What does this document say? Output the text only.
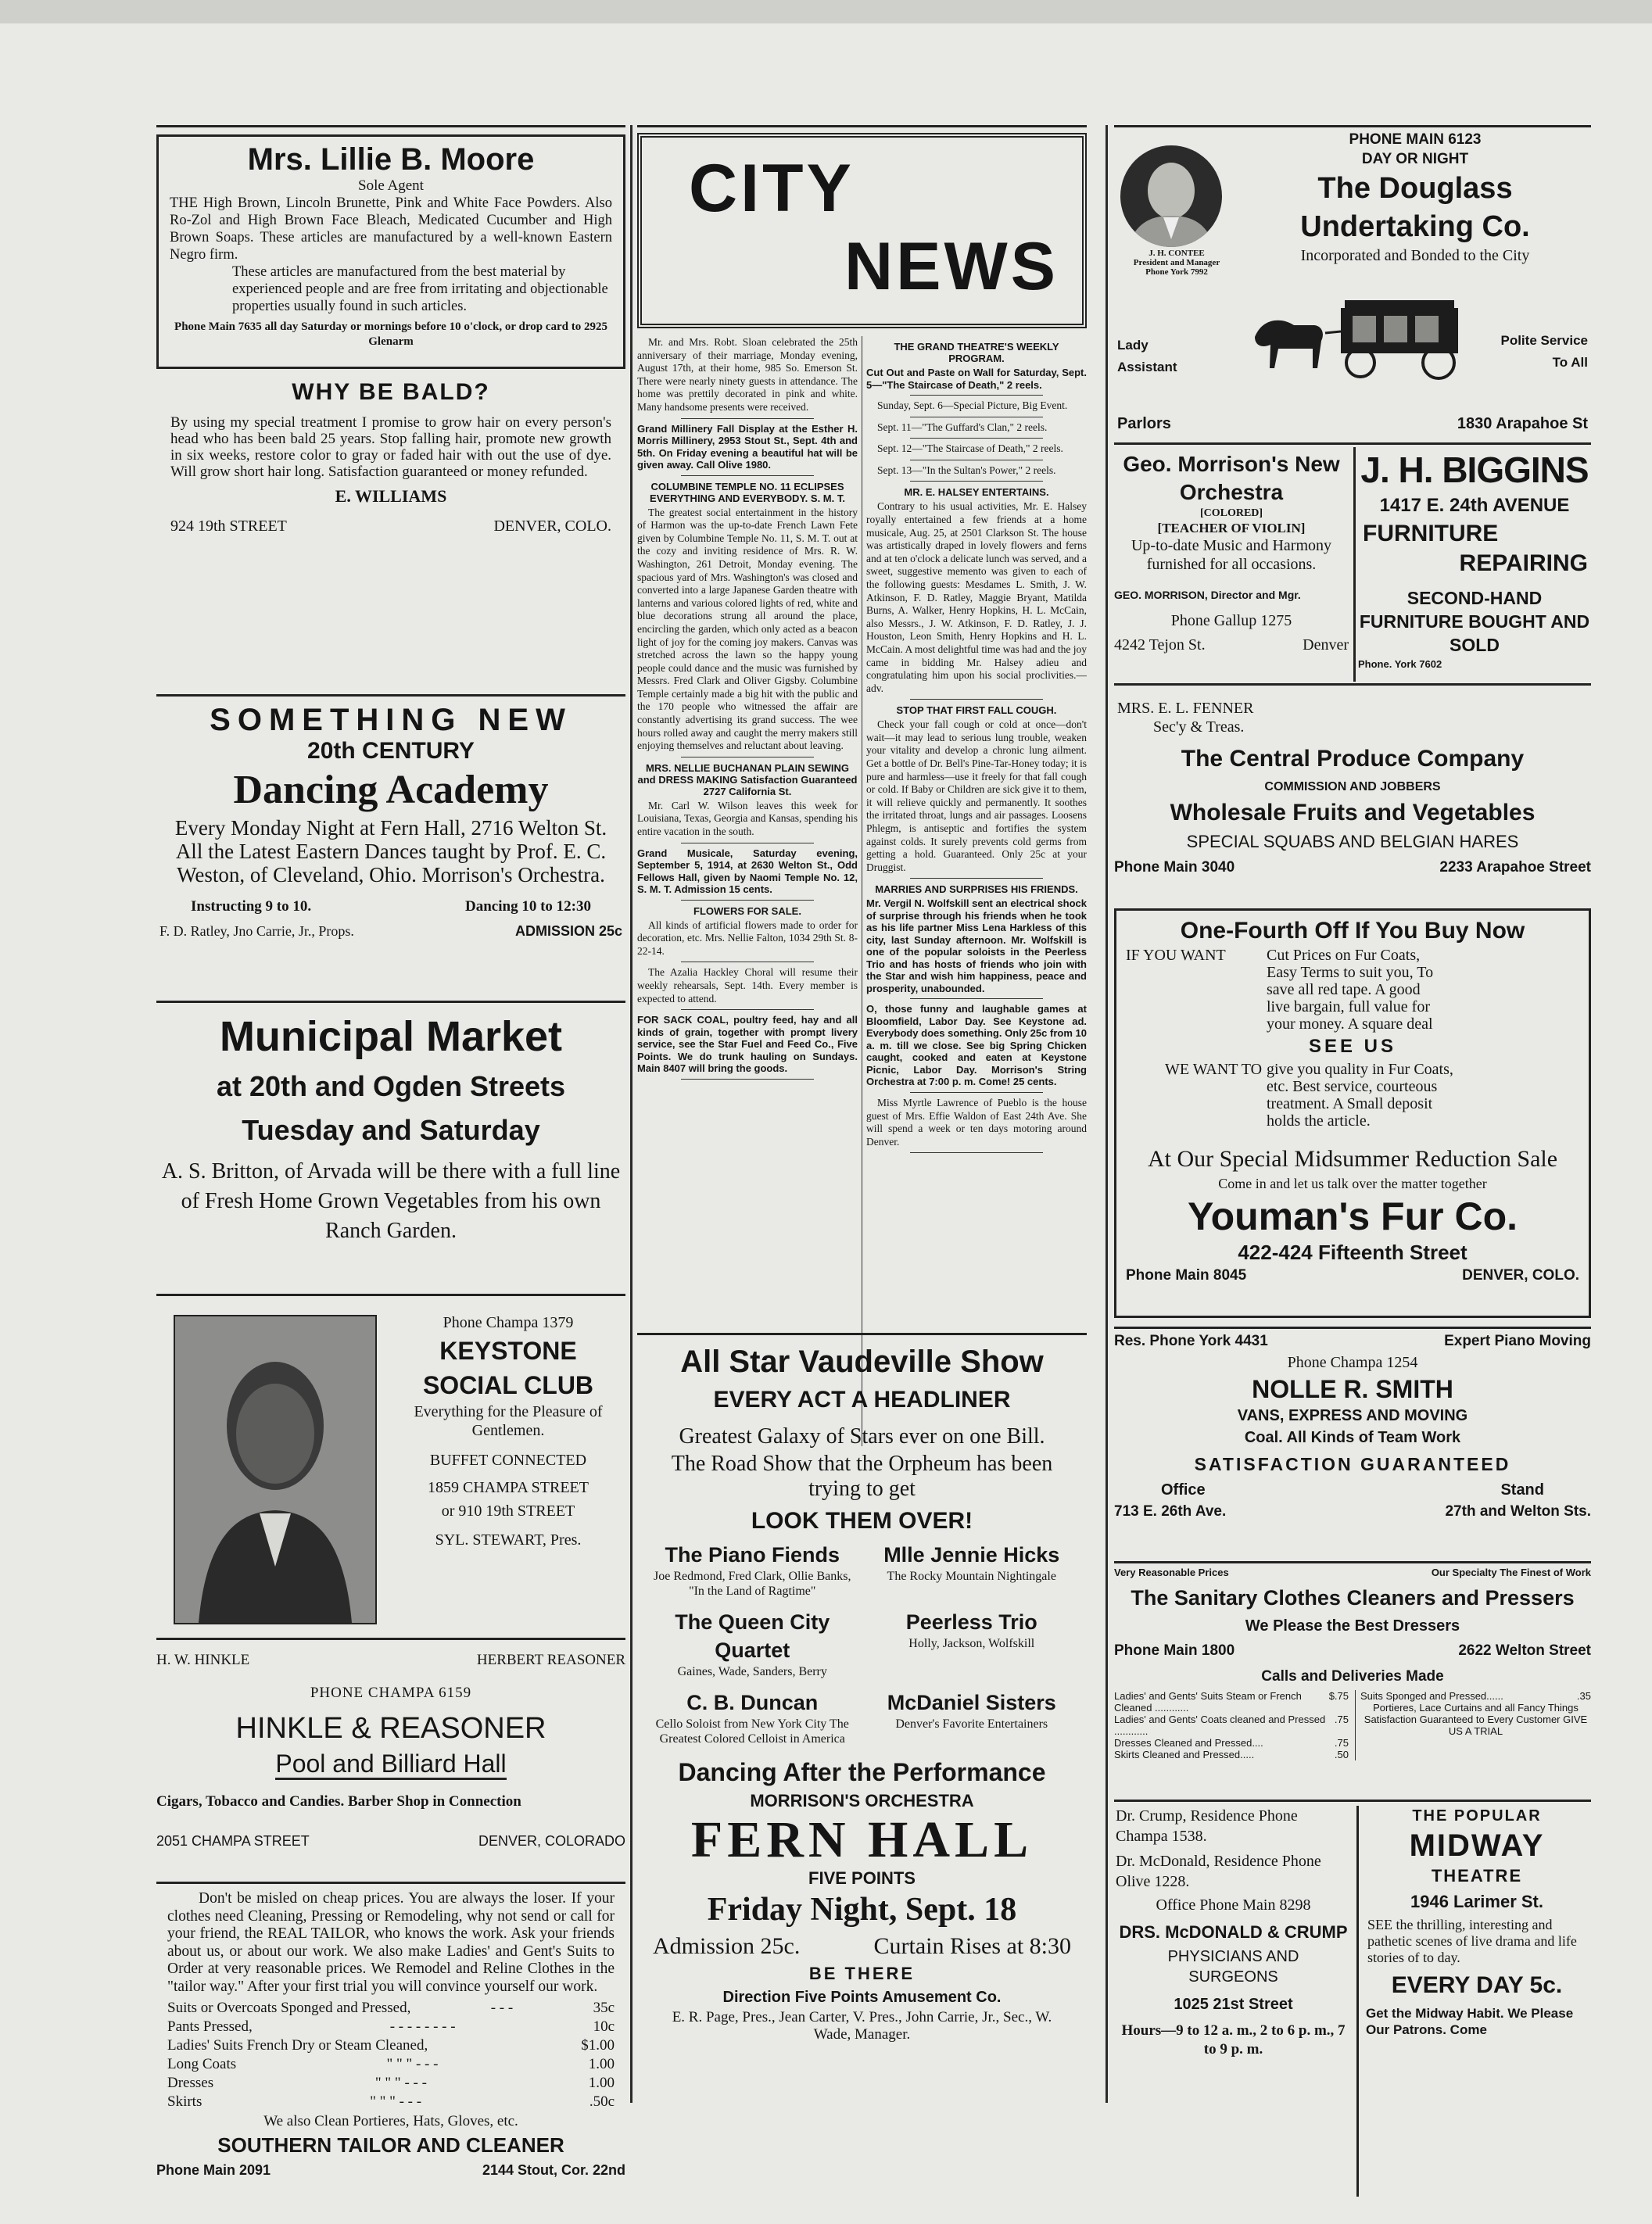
Mrs. Lillie B. Moore
Sole Agent

THE High Brown, Lincoln Brunette, Pink and White Face Powders. Also Ro-Zol and High Brown Face Bleach, Medicated Cucumber and High Brown Soaps. These articles are manufactured by a well-known Eastern Negro firm.

These articles are manufactured from the best material by experienced people and are free from irritating and objectionable properties usually found in such articles.

Phone Main 7635 all day Saturday or mornings before 10 o'clock, or drop card to 2925 Glenarm

WHY BE BALD?

By using my special treatment I promise to grow hair on every person's head who has been bald 25 years. Stop falling hair, promote new growth in six weeks, restore color to gray or faded hair with out the use of dye. Will grow short hair long. Satisfaction guaranteed or money refunded.

E. WILLIAMS
924 19th STREET	DENVER, COLO.
SOMETHING NEW
20th CENTURY
Dancing Academy

Every Monday Night at Fern Hall, 2716 Welton St. All the Latest Eastern Dances taught by Prof. E. C. Weston, of Cleveland, Ohio. Morrison's Orchestra.

Instructing 9 to 10.	Dancing 10 to 12:30
F. D. Ratley, Jno Carrie, Jr., Props.	ADMISSION 25c
Municipal Market
at 20th and Ogden Streets
Tuesday and Saturday

A. S. Britton, of Arvada will be there with a full line of Fresh Home Grown Vegetables from his own Ranch Garden.

Phone Champa 1379
KEYSTONE
SOCIAL CLUB
Everything for the Pleasure of Gentlemen.
BUFFET CONNECTED
1859 CHAMPA STREET
or 910 19th STREET
SYL. STEWART, Pres.
H. W. HINKLE	HERBERT REASONER
PHONE CHAMPA 6159
HINKLE & REASONER
Pool and Billiard Hall
Cigars, Tobacco and Candies. Barber Shop in Connection
2051 CHAMPA STREET	DENVER, COLORADO

Don't be misled on cheap prices. You are always the loser. If your clothes need Cleaning, Pressing or Remodeling, why not send or call for your friend, the REAL TAILOR, who knows the work. Ask your friends about us, or about our work. We also make Ladies' and Gent's Suits to Order at very reasonable prices. We Remodel and Reline Clothes in the "tailor way." After your first trial you will convince yourself our work.

Suits or Overcoats Sponged and Pressed,	- - -	35c
Pants Pressed,	- - - - - - - -	10c
Ladies' Suits French Dry or Steam Cleaned,	$1.00
Long Coats	" " " - - -	1.00
Dresses	" " " - - -	1.00
Skirts	" " " - - -	.50c
We also Clean Portieres, Hats, Gloves, etc.
SOUTHERN TAILOR AND CLEANER
Phone Main 2091	2144 Stout, Cor. 22nd
CITY
NEWS

Mr. and Mrs. Robt. Sloan celebrated the 25th anniversary of their marriage, Monday evening, August 17th, at their home, 985 So. Emerson St. There were nearly ninety guests in attendance. The home was prettily decorated in pink and white. Many handsome presents were received.

Grand Millinery Fall Display at the Esther H. Morris Millinery, 2953 Stout St., Sept. 4th and 5th. On Friday evening a beautiful hat will be given away. Call Olive 1980.
COLUMBINE TEMPLE NO. 11 ECLIPSES EVERYTHING AND EVERYBODY. S. M. T.

The greatest social entertainment in the history of Harmon was the up-to-date French Lawn Fete given by Columbine Temple No. 11, S. M. T. out at the cozy and inviting residence of Mrs. R. W. Washington, 261 Detroit, Monday evening. The spacious yard of Mrs. Washington's was closed and converted into a large Japanese Garden theatre with lanterns and various colored lights of red, white and blue decorations strung all around the place, encircling the garden, which only acted as a beacon light of joy for the coming joy makers. Canvas was stretched across the lawn so the happy young people could dance and the music was furnished by Messrs. Fred Clark and Oliver Gigsby. Columbine Temple certainly made a big hit with the public and the 170 people who witnessed the affair are constantly advertising its grand success. The wee hours rolled away and caught the merry makers still enjoying themselves and reluctant about leaving.

MRS. NELLIE BUCHANAN PLAIN SEWING and DRESS MAKING Satisfaction Guaranteed 2727 California St.

Mr. Carl W. Wilson leaves this week for Louisiana, Texas, Georgia and Kansas, spending his entire vacation in the south.

Grand Musicale, Saturday evening, September 5, 1914, at 2630 Welton St., Odd Fellows Hall, given by Naomi Temple No. 12, S. M. T. Admission 15 cents.
FLOWERS FOR SALE.

All kinds of artificial flowers made to order for decoration, etc. Mrs. Nellie Falton, 1034 29th St. 8-22-14.

The Azalia Hackley Choral will resume their weekly rehearsals, Sept. 14th. Every member is expected to attend.

FOR SACK COAL, poultry feed, hay and all kinds of grain, together with prompt livery service, see the Star Fuel and Feed Co., Five Points. We do trunk hauling on Sundays. Main 8407 will bring the goods.
THE GRAND THEATRE'S WEEKLY PROGRAM.
Cut Out and Paste on Wall for Saturday, Sept. 5—"The Staircase of Death," 2 reels.

Sunday, Sept. 6—Special Picture, Big Event.

Sept. 11—"The Guffard's Clan," 2 reels.

Sept. 12—"The Staircase of Death," 2 reels.

Sept. 13—"In the Sultan's Power," 2 reels.

MR. E. HALSEY ENTERTAINS.

Contrary to his usual activities, Mr. E. Halsey royally entertained a few friends at a home musicale, Aug. 25, at 2501 Clarkson St. The house was artistically draped in lovely flowers and ferns and at ten o'clock a delicate lunch was served, and a sweet, suggestive memento was given to each of the following guests: Mesdames L. Smith, J. W. Atkinson, F. D. Ratley, Maggie Bryant, Matilda Burns, A. Walker, Henry Hopkins, H. L. McCain, also Messrs., J. W. Atkinson, F. D. Ratley, J. J. Houston, Leon Smith, Henry Hopkins and H. L. McCain. A most delightful time was had and the joy came in bidding Mr. Halsey adieu and congratulating him upon his social proclivities.—adv.

STOP THAT FIRST FALL COUGH.

Check your fall cough or cold at once—don't wait—it may lead to serious lung trouble, weaken your vitality and develop a chronic lung ailment. Get a bottle of Dr. Bell's Pine-Tar-Honey today; it is pure and harmless—use it freely for that fall cough or cold. If Baby or Children are sick give it to them, it will relieve quickly and permanently. It soothes the irritated throat, lungs and air passages. Loosens Phlegm, is antiseptic and fortifies the system against colds. It surely prevents cold germs from getting a hold. Guaranteed. Only 25c at your Druggist.

MARRIES AND SURPRISES HIS FRIENDS.
Mr. Vergil N. Wolfskill sent an electrical shock of surprise through his friends when he took as his life partner Miss Lena Harkless of this city, last Sunday afternoon. Mr. Wolfskill is one of the popular soloists in the Peerless Trio and has hosts of friends who join with the Star and wish him happiness, peace and prosperity, unabounded.
O, those funny and laughable games at Bloomfield, Labor Day. See Keystone ad. Everybody does something. Only 25c from 10 a. m. till we close. See big Spring Chicken caught, cooked and eaten at Keystone Picnic, Labor Day. Morrison's String Orchestra at 7:00 p. m. Come! 25 cents.

Miss Myrtle Lawrence of Pueblo is the house guest of Mrs. Effie Waldon of East 24th Ave. She will spend a week or ten days motoring around Denver.

All Star Vaudeville Show
EVERY ACT A HEADLINER
Greatest Galaxy of Stars ever on one Bill.
The Road Show that the Orpheum has been trying to get
LOOK THEM OVER!
The Piano Fiends
Joe Redmond, Fred Clark, Ollie Banks, "In the Land of Ragtime"
Mlle Jennie Hicks
The Rocky Mountain Nightingale
The Queen City Quartet
Gaines, Wade, Sanders, Berry
Peerless Trio
Holly, Jackson, Wolfskill
C. B. Duncan
Cello Soloist from New York City The Greatest Colored Celloist in America
McDaniel Sisters
Denver's Favorite Entertainers
Dancing After the Performance
MORRISON'S ORCHESTRA
FERN HALL
FIVE POINTS
Friday Night, Sept. 18
Admission 25c.	Curtain Rises at 8:30
BE THERE
Direction Five Points Amusement Co.
E. R. Page, Pres., Jean Carter, V. Pres., John Carrie, Jr., Sec., W. Wade, Manager.
J. H. CONTEE
President and Manager
Phone York 7992
PHONE MAIN 6123
DAY OR NIGHT
The Douglass
Undertaking Co.
Incorporated and Bonded to the City
Lady Assistant
Polite Service To All
Parlors	1830 Arapahoe St
Geo. Morrison's New Orchestra
[COLORED]
[TEACHER OF VIOLIN]
Up-to-date Music and Harmony furnished for all occasions.
GEO. MORRISON, Director and Mgr.
Phone Gallup 1275
4242 Tejon St.	Denver
J. H. BIGGINS
1417 E. 24th AVENUE
FURNITURE
REPAIRING
SECOND-HAND FURNITURE BOUGHT AND SOLD
Phone. York 7602
MRS. E. L. FENNER
Sec'y & Treas.
The Central Produce Company
COMMISSION AND JOBBERS
Wholesale Fruits and Vegetables
SPECIAL SQUABS AND BELGIAN HARES
Phone Main 3040	2233 Arapahoe Street
One-Fourth Off If You Buy Now
IF YOU WANT	Cut Prices on Fur Coats, Easy Terms to suit you, To save all red tape. A good live bargain, full value for your money. A square deal
SEE US
WE WANT TO give you quality in Fur Coats, etc. Best service, courteous treatment. A Small deposit holds the article.
At Our Special Midsummer Reduction Sale
Come in and let us talk over the matter together
Youman's Fur Co.
422-424 Fifteenth Street
Phone Main 8045	DENVER, COLO.
Res. Phone York 4431	Expert Piano Moving
Phone Champa 1254
NOLLE R. SMITH
VANS, EXPRESS AND MOVING
Coal. All Kinds of Team Work
SATISFACTION GUARANTEED
Office	Stand
713 E. 26th Ave.	27th and Welton Sts.
Very Reasonable Prices	Our Specialty The Finest of Work
The Sanitary Clothes Cleaners and Pressers
We Please the Best Dressers
Phone Main 1800	2622 Welton Street
Calls and Deliveries Made
Ladies' and Gents' Suits Steam or French Cleaned ............
$.75
Ladies' and Gents' Coats cleaned and Pressed ............
.75
Dresses Cleaned and Pressed....	.75
Skirts Cleaned and Pressed.....	.50
Suits Sponged and Pressed......	.35
Portieres, Lace Curtains and all Fancy Things Satisfaction Guaranteed to Every Customer GIVE US A TRIAL
Dr. Crump, Residence Phone Champa 1538.
Dr. McDonald, Residence Phone Olive 1228.
Office Phone Main 8298
DRS. McDONALD & CRUMP
PHYSICIANS AND SURGEONS
1025 21st Street
Hours—9 to 12 a. m., 2 to 6 p. m., 7 to 9 p. m.
THE POPULAR
MIDWAY
THEATRE
1946 Larimer St.
SEE the thrilling, interesting and pathetic scenes of live drama and life stories of to day.
EVERY DAY 5c.
Get the Midway Habit. We Please Our Patrons. Come
